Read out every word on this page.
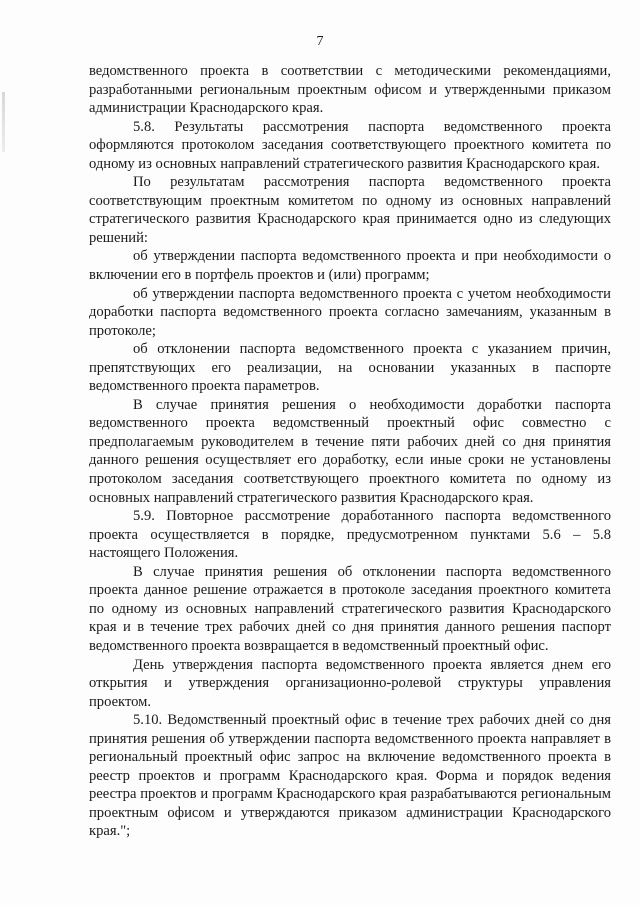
7

ведомственного проекта в соответствии с методическими рекомендациями, разработанными региональным проектным офисом и утвержденными приказом администрации Краснодарского края.

5.8. Результаты рассмотрения паспорта ведомственного проекта оформляются протоколом заседания соответствующего проектного комитета по одному из основных направлений стратегического развития Краснодарского края.

По результатам рассмотрения паспорта ведомственного проекта соответствующим проектным комитетом по одному из основных направлений стратегического развития Краснодарского края принимается одно из следующих решений:

об утверждении паспорта ведомственного проекта и при необходимости о включении его в портфель проектов и (или) программ;

об утверждении паспорта ведомственного проекта с учетом необходимости доработки паспорта ведомственного проекта согласно замечаниям, указанным в протоколе;

об отклонении паспорта ведомственного проекта с указанием причин, препятствующих его реализации, на основании указанных в паспорте ведомственного проекта параметров.

В случае принятия решения о необходимости доработки паспорта ведомственного проекта ведомственный проектный офис совместно с предполагаемым руководителем в течение пяти рабочих дней со дня принятия данного решения осуществляет его доработку, если иные сроки не установлены протоколом заседания соответствующего проектного комитета по одному из основных направлений стратегического развития Краснодарского края.

5.9. Повторное рассмотрение доработанного паспорта ведомственного проекта осуществляется в порядке, предусмотренном пунктами 5.6 – 5.8 настоящего Положения.

В случае принятия решения об отклонении паспорта ведомственного проекта данное решение отражается в протоколе заседания проектного комитета по одному из основных направлений стратегического развития Краснодарского края и в течение трех рабочих дней со дня принятия данного решения паспорт ведомственного проекта возвращается в ведомственный проектный офис.

День утверждения паспорта ведомственного проекта является днем его открытия и утверждения организационно-ролевой структуры управления проектом.

5.10. Ведомственный проектный офис в течение трех рабочих дней со дня принятия решения об утверждении паспорта ведомственного проекта направляет в региональный проектный офис запрос на включение ведомственного проекта в реестр проектов и программ Краснодарского края. Форма и порядок ведения реестра проектов и программ Краснодарского края разрабатываются региональным проектным офисом и утверждаются приказом администрации Краснодарского края.";
